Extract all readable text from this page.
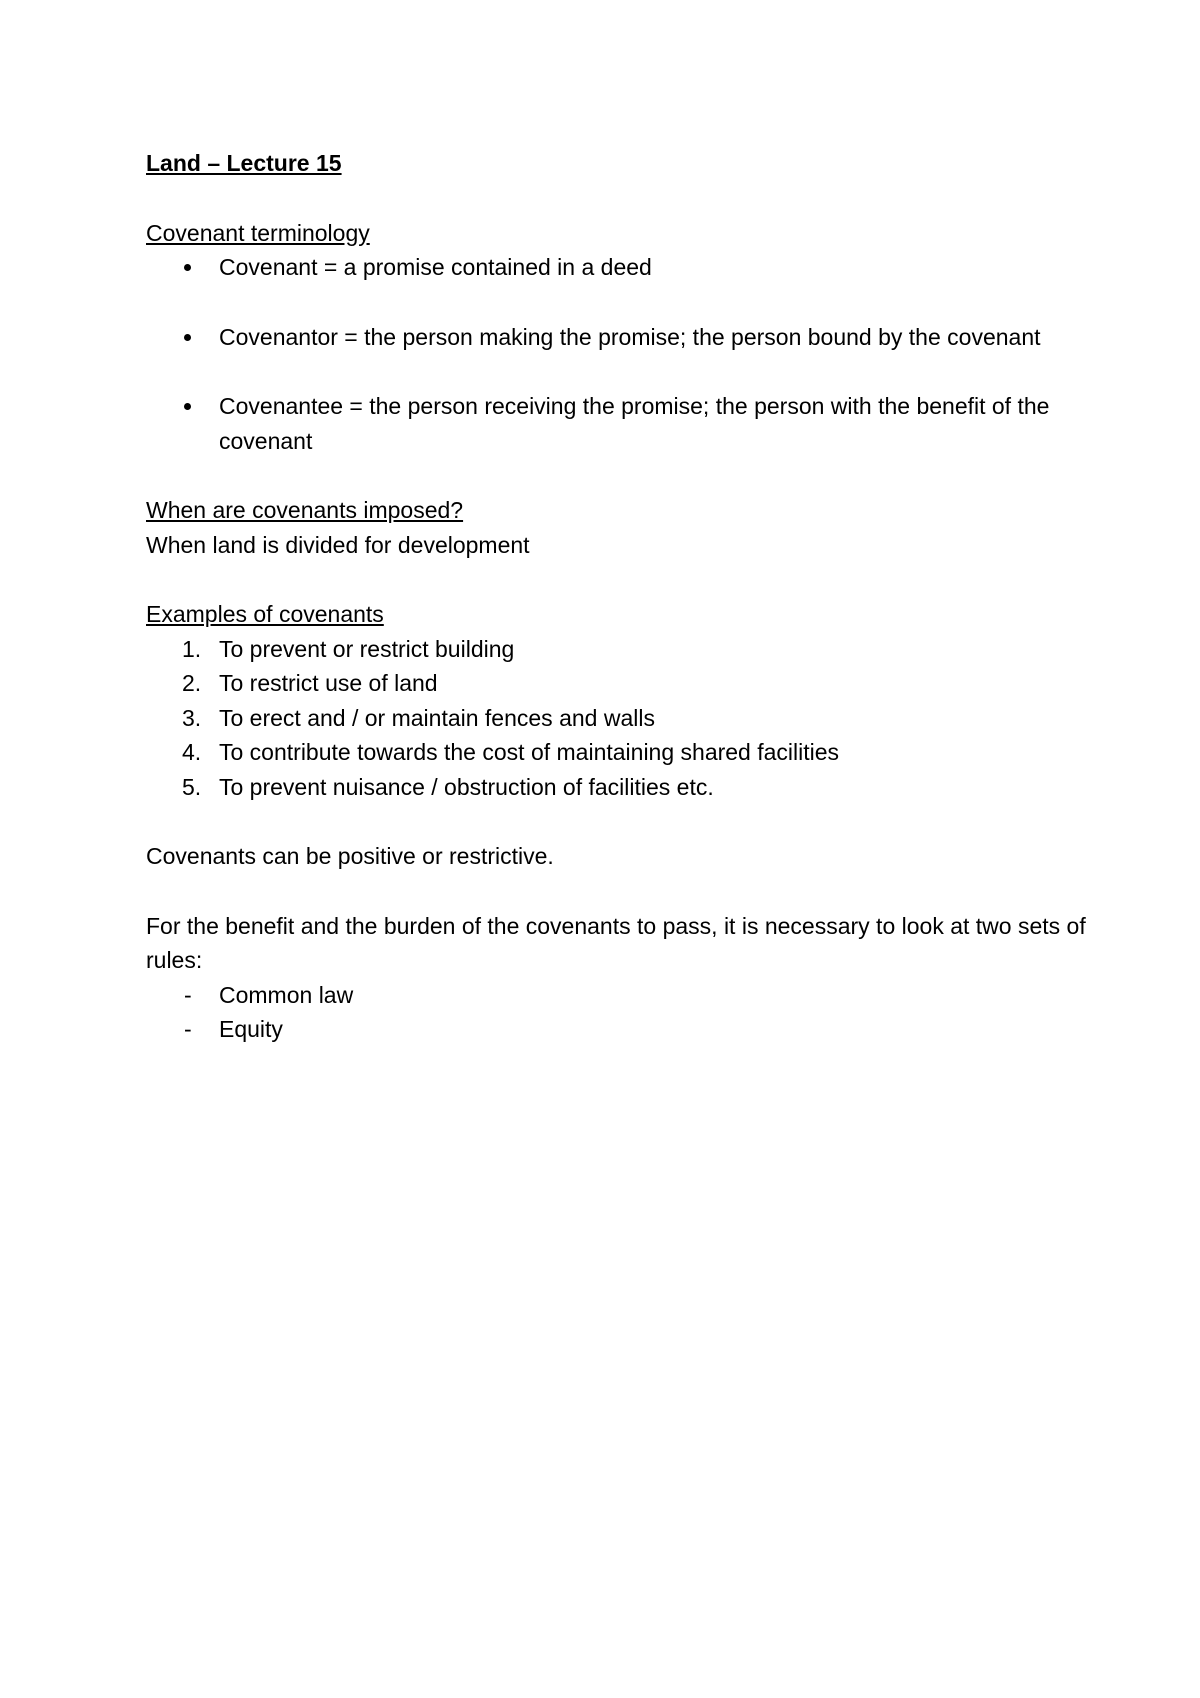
Land – Lecture 15

Covenant terminology

Covenant = a promise contained in a deed
Covenantor = the person making the promise; the person bound by the covenant
Covenantee = the person receiving the promise; the person with the benefit of the covenant

When are covenants imposed?

When land is divided for development

Examples of covenants

1. To prevent or restrict building
2. To restrict use of land
3. To erect and / or maintain fences and walls
4. To contribute towards the cost of maintaining shared facilities
5. To prevent nuisance / obstruction of facilities etc.

Covenants can be positive or restrictive.

For the benefit and the burden of the covenants to pass, it is necessary to look at two sets of rules:

- Common law
- Equity
